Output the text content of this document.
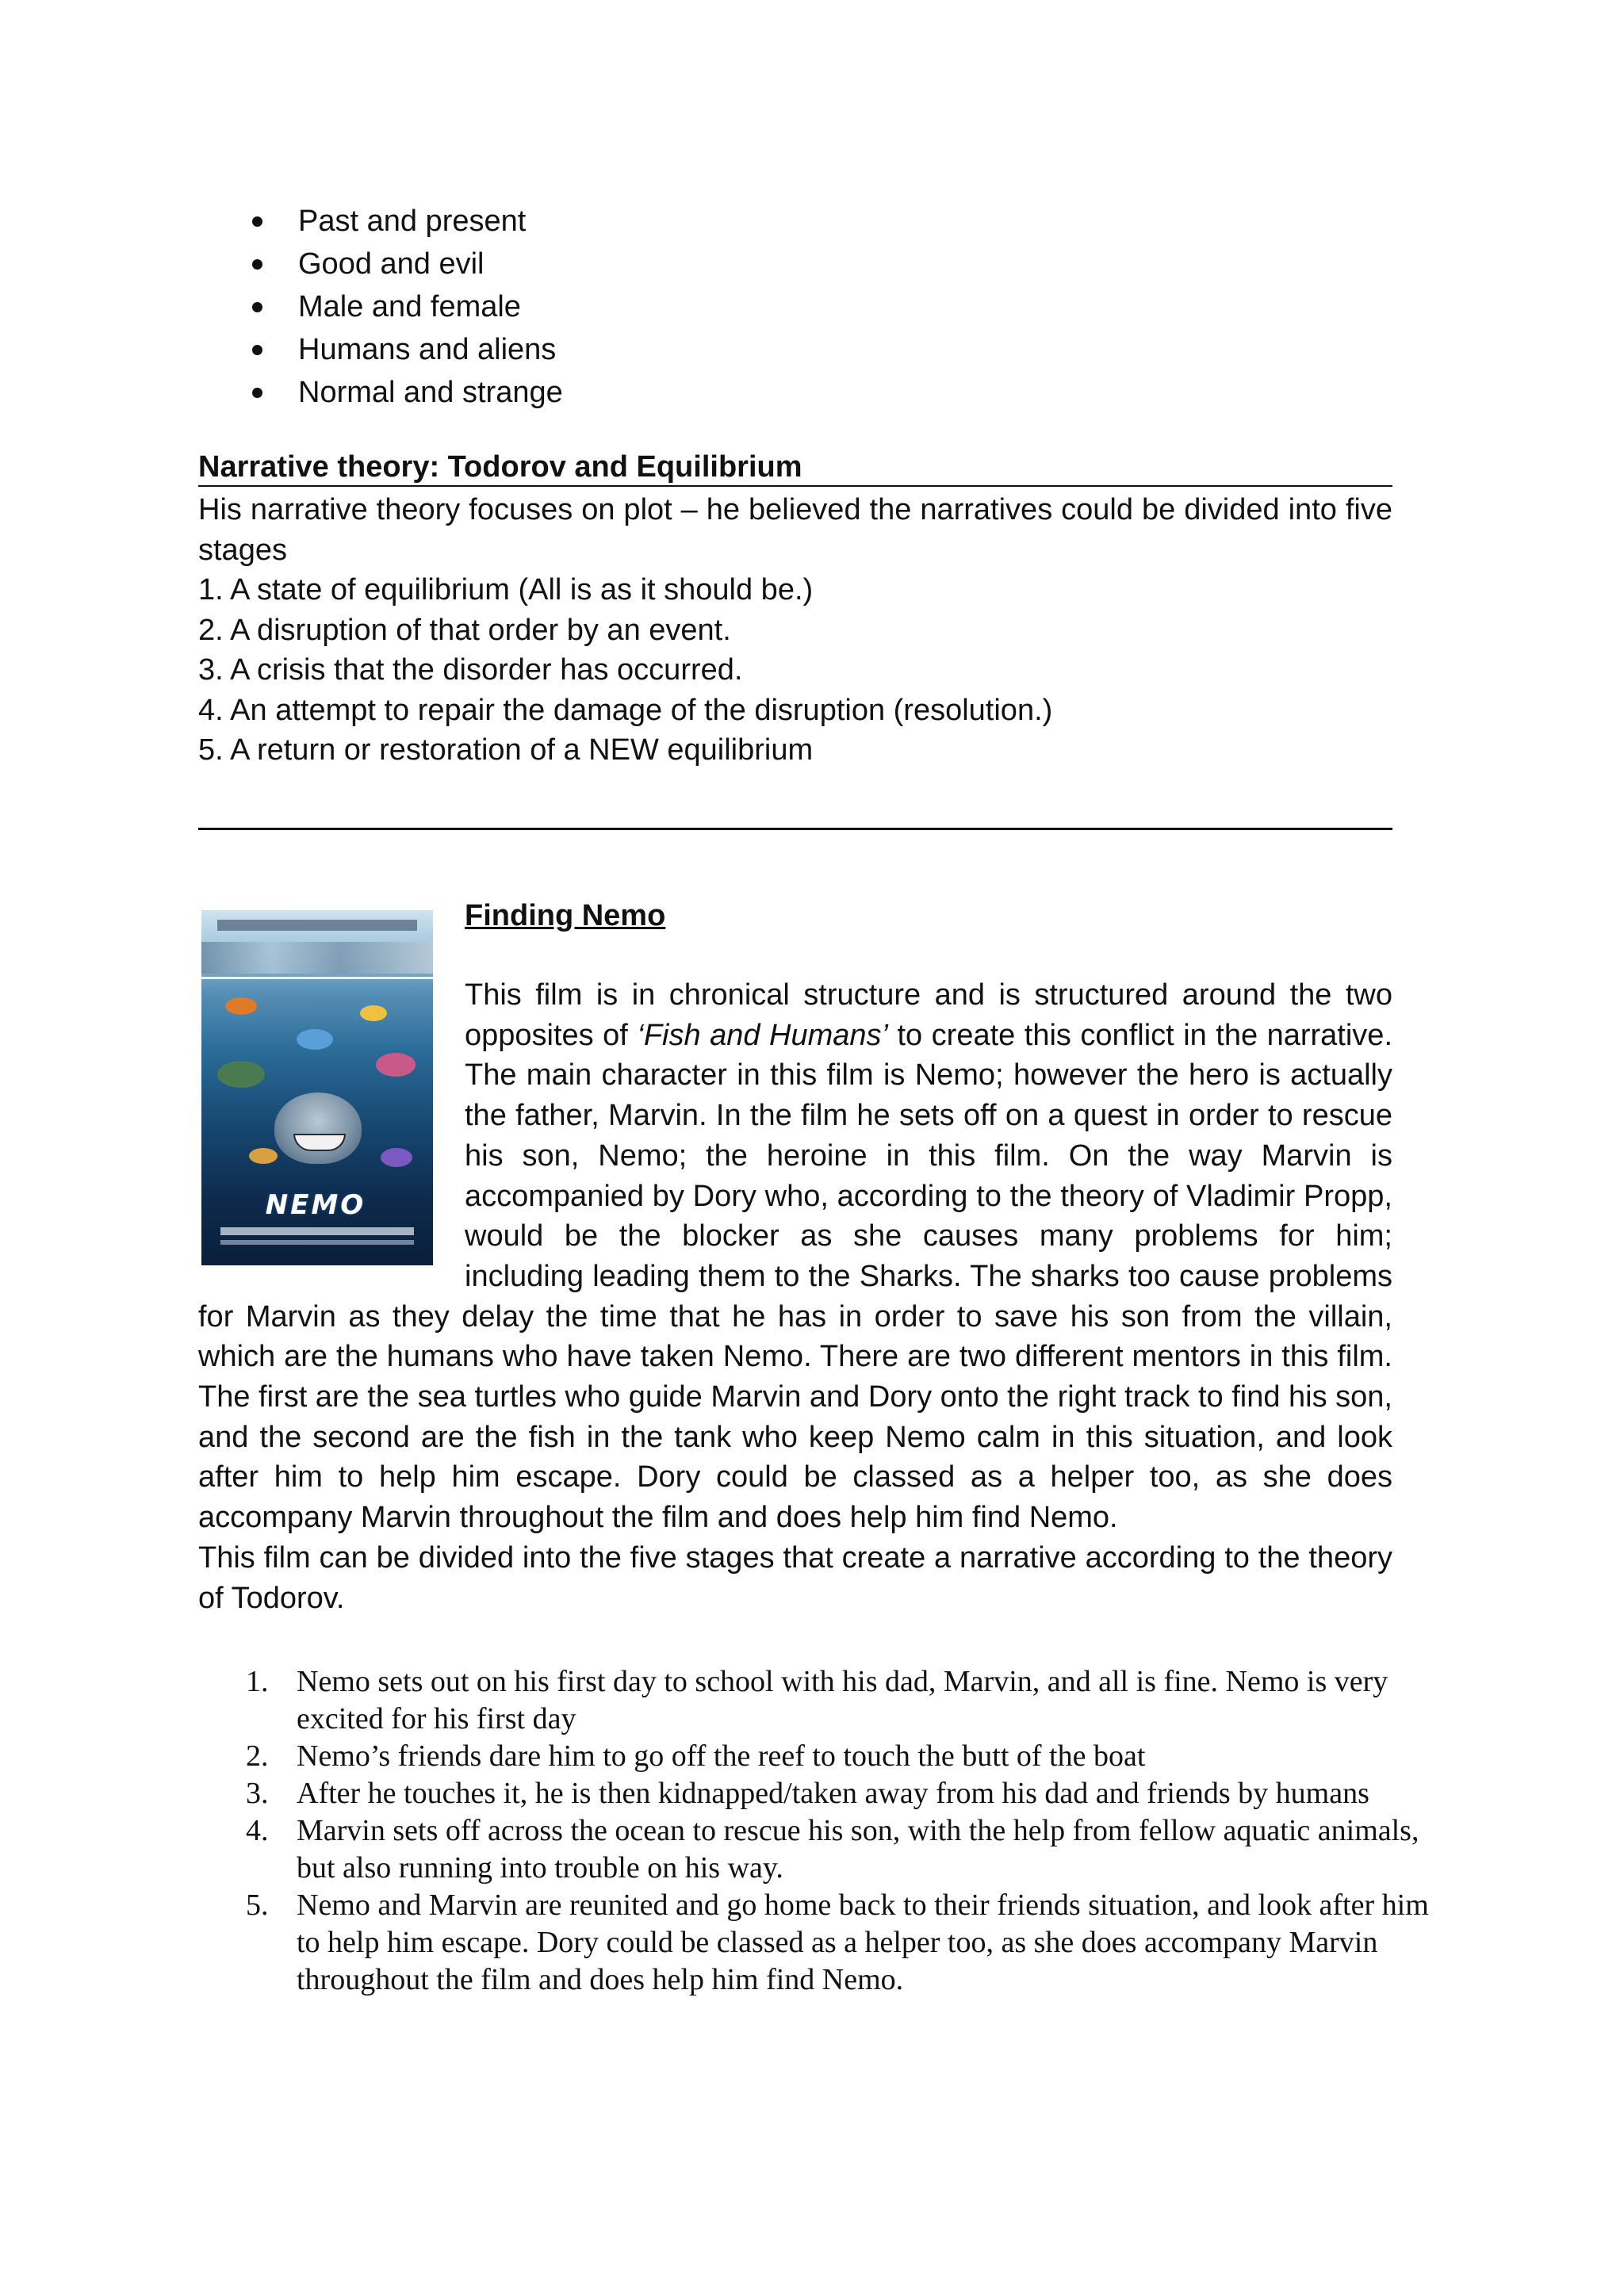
Past and present
Good and evil
Male and female
Humans and aliens
Normal and strange
Narrative theory: Todorov and Equilibrium
His narrative theory focuses on plot – he believed the narratives could be divided into five stages
1. A state of equilibrium (All is as it should be.)
2. A disruption of that order by an event.
3. A crisis that the disorder has occurred.
4. An attempt to repair the damage of the disruption (resolution.)
5. A return or restoration of a NEW equilibrium
NEMO
Finding Nemo

This film is in chronical structure and is structured around the two opposites of ‘Fish and Humans’ to create this conflict in the narrative. The main character in this film is Nemo; however the hero is actually the father, Marvin. In the film he sets off on a quest in order to rescue his son, Nemo; the heroine in this film. On the way Marvin is accompanied by Dory who, according to the theory of Vladimir Propp, would be the blocker as she causes many problems for him; including leading them to the Sharks. The sharks too cause problems for Marvin as they delay the time that he has in order to save his son from the villain, which are the humans who have taken Nemo. There are two different mentors in this film. The first are the sea turtles who guide Marvin and Dory onto the right track to find his son, and the second are the fish in the tank who keep Nemo calm in this situation, and look after him to help him escape. Dory could be classed as a helper too, as she does accompany Marvin throughout the film and does help him find Nemo.

This film can be divided into the five stages that create a narrative according to the theory of Todorov.

1. Nemo sets out on his first day to school with his dad, Marvin, and all is fine. Nemo is very excited for his first day
2. Nemo’s friends dare him to go off the reef to touch the butt of the boat
3. After he touches it, he is then kidnapped/taken away from his dad and friends by humans
4. Marvin sets off across the ocean to rescue his son, with the help from fellow aquatic animals, but also running into trouble on his way.
5. Nemo and Marvin are reunited and go home back to their friends situation, and look after him to help him escape. Dory could be classed as a helper too, as she does accompany Marvin throughout the film and does help him find Nemo.
